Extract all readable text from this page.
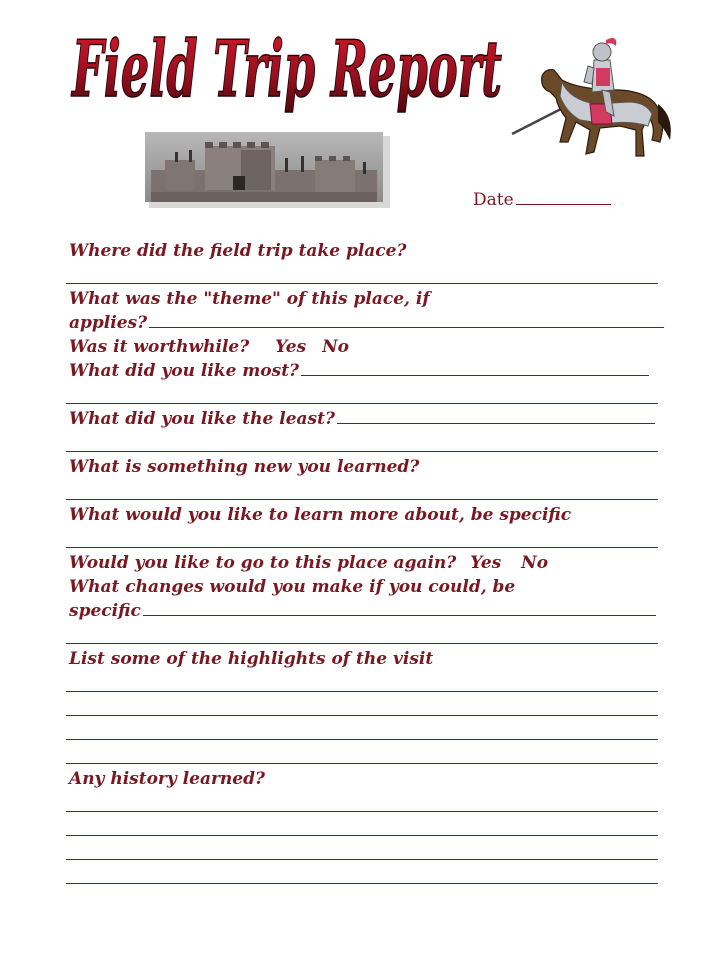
Field Trip Report
Date
Where did the field trip take place?
What was the "theme" of this place, if
applies?
Was it worthwhile? Yes No
What did you like most?
What did you like the least?
What is something new you learned?
What would you like to learn more about, be specific
Would you like to go to this place again? Yes No
What changes would you make if you could, be
specific
List some of the highlights of the visit
Any history learned?
